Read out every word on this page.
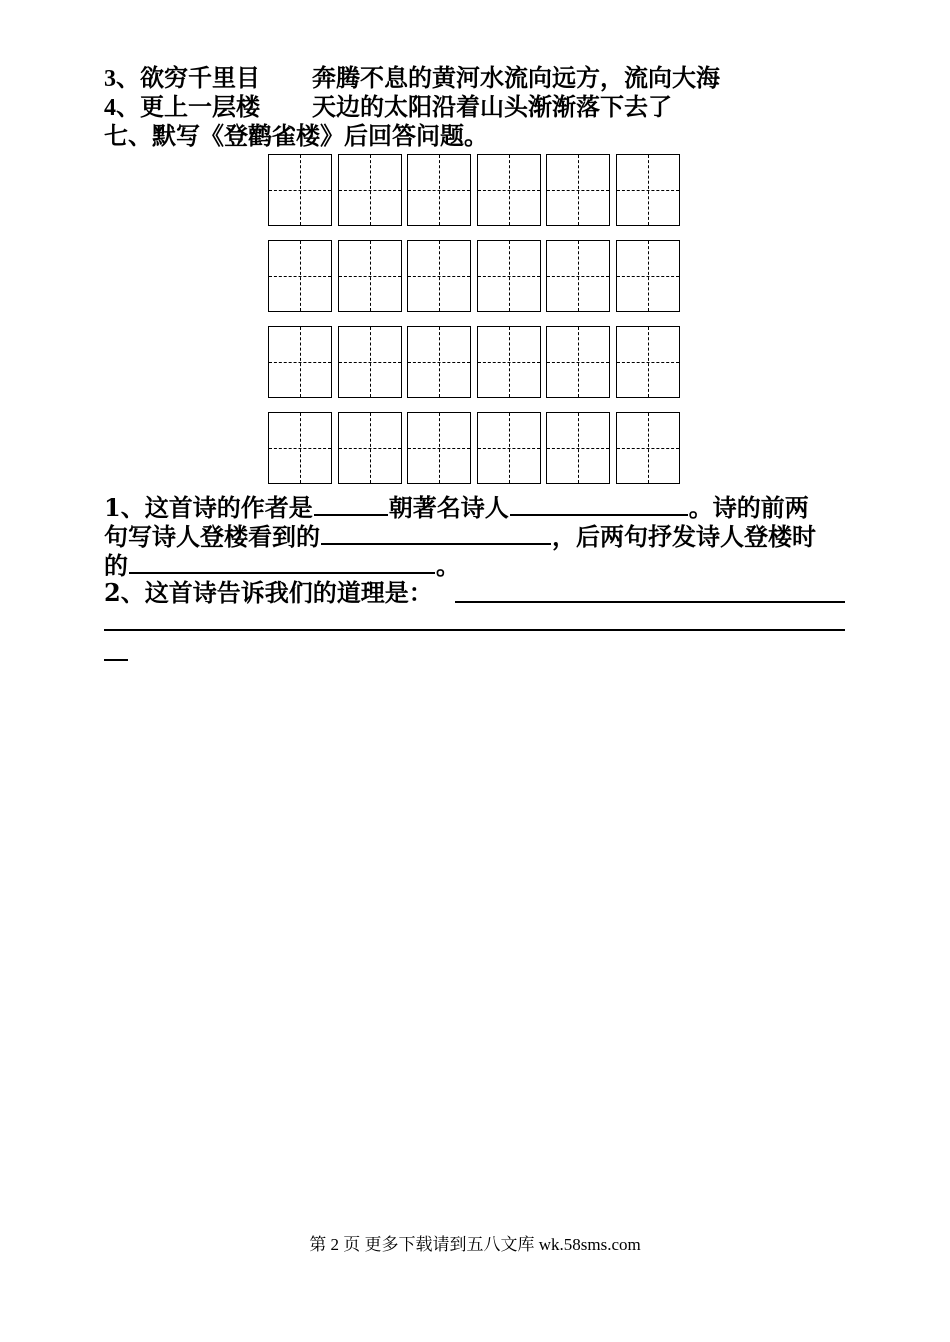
3、欲穷千里目 奔腾不息的黄河水流向远方，流向大海
4、更上一层楼 天边的太阳沿着山头渐渐落下去了
七、默写《登鹳雀楼》后回答问题。
1、这首诗的作者是	朝著名诗人	。诗的前两
句写诗人登楼看到的	，后两句抒发诗人登楼时
的	。
2、这首诗告诉我们的道理是：
第 2 页 更多下载请到五八文库 wk.58sms.com
